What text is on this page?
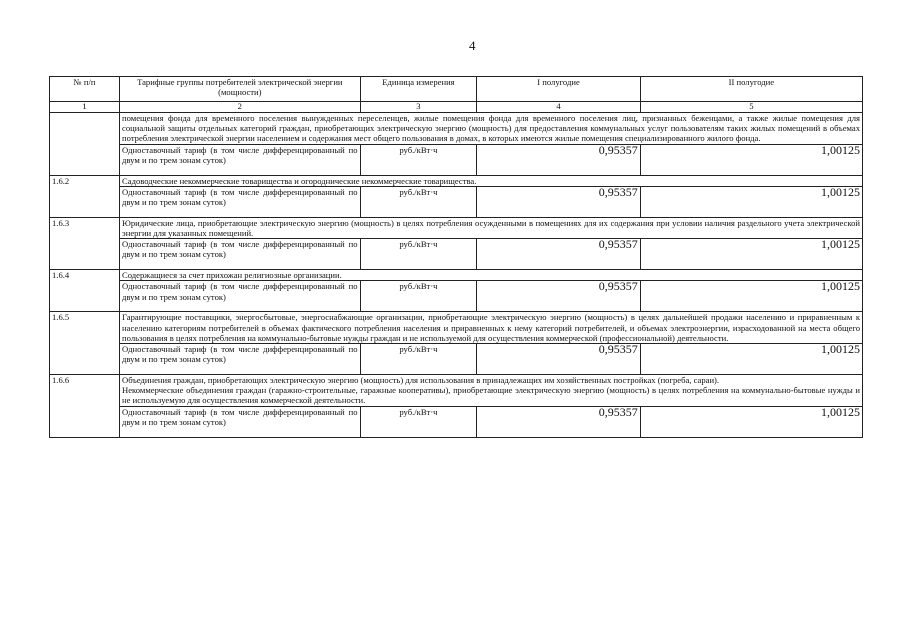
4
№ п/п	Тарифные группы потребителей электрической энергии (мощности)	Единица измерения	I полугодие	II полугодие
1	2	3	4	5
	помещения фонда для временного поселения вынужденных переселенцев, жилые помещения фонда для временного поселения лиц, признанных беженцами, а также жилые помещения для социальной защиты отдельных категорий граждан, приобретающих электрическую энергию (мощность) для предоставления коммунальных услуг пользователям таких жилых помещений в объемах потребления электрической энергии населением и содержания мест общего пользования в домах, в которых имеются жилые помещения специализированного жилого фонда.			
	Одноставочный тариф (в том числе дифференцированный по двум и по трем зонам суток)	руб./кВт·ч	0,95357	1,00125
1.6.2	Садоводческие некоммерческие товарищества и огороднические некоммерческие товарищества.			
	Одноставочный тариф (в том числе дифференцированный по двум и по трем зонам суток)	руб./кВт·ч	0,95357	1,00125
1.6.3	Юридические лица, приобретающие электрическую энергию (мощность) в целях потребления осужденными в помещениях для их содержания при условии наличия раздельного учета электрической энергии для указанных помещений.			
	Одноставочный тариф (в том числе дифференцированный по двум и по трем зонам суток)	руб./кВт·ч	0,95357	1,00125
1.6.4	Содержащиеся за счет прихожан религиозные организации.			
	Одноставочный тариф (в том числе дифференцированный по двум и по трем зонам суток)	руб./кВт·ч	0,95357	1,00125
1.6.5	Гарантирующие поставщики, энергосбытовые, энергоснабжающие организации, приобретающие электрическую энергию (мощность) в целях дальнейшей продажи населению и приравненным к населению категориям потребителей в объемах фактического потребления населения и приравненных к нему категорий потребителей, и объемах электроэнергии, израсходованной на места общего пользования в целях потребления на коммунально-бытовые нужды граждан и не используемой для осуществления коммерческой (профессиональной) деятельности.			
	Одноставочный тариф (в том числе дифференцированный по двум и по трем зонам суток)	руб./кВт·ч	0,95357	1,00125
1.6.6	Объединения граждан, приобретающих электрическую энергию (мощность) для использования в принадлежащих им хозяйственных постройках (погреба, сараи).
Некоммерческие объединения граждан (гаражно-строительные, гаражные кооперативы), приобретающие электрическую энергию (мощность) в целях потребления на коммунально-бытовые нужды и не используемую для осуществления коммерческой деятельности.			

	Одноставочный тариф (в том числе дифференцированный по двум и по трем зонам суток)	руб./кВт·ч	0,95357	1,00125
